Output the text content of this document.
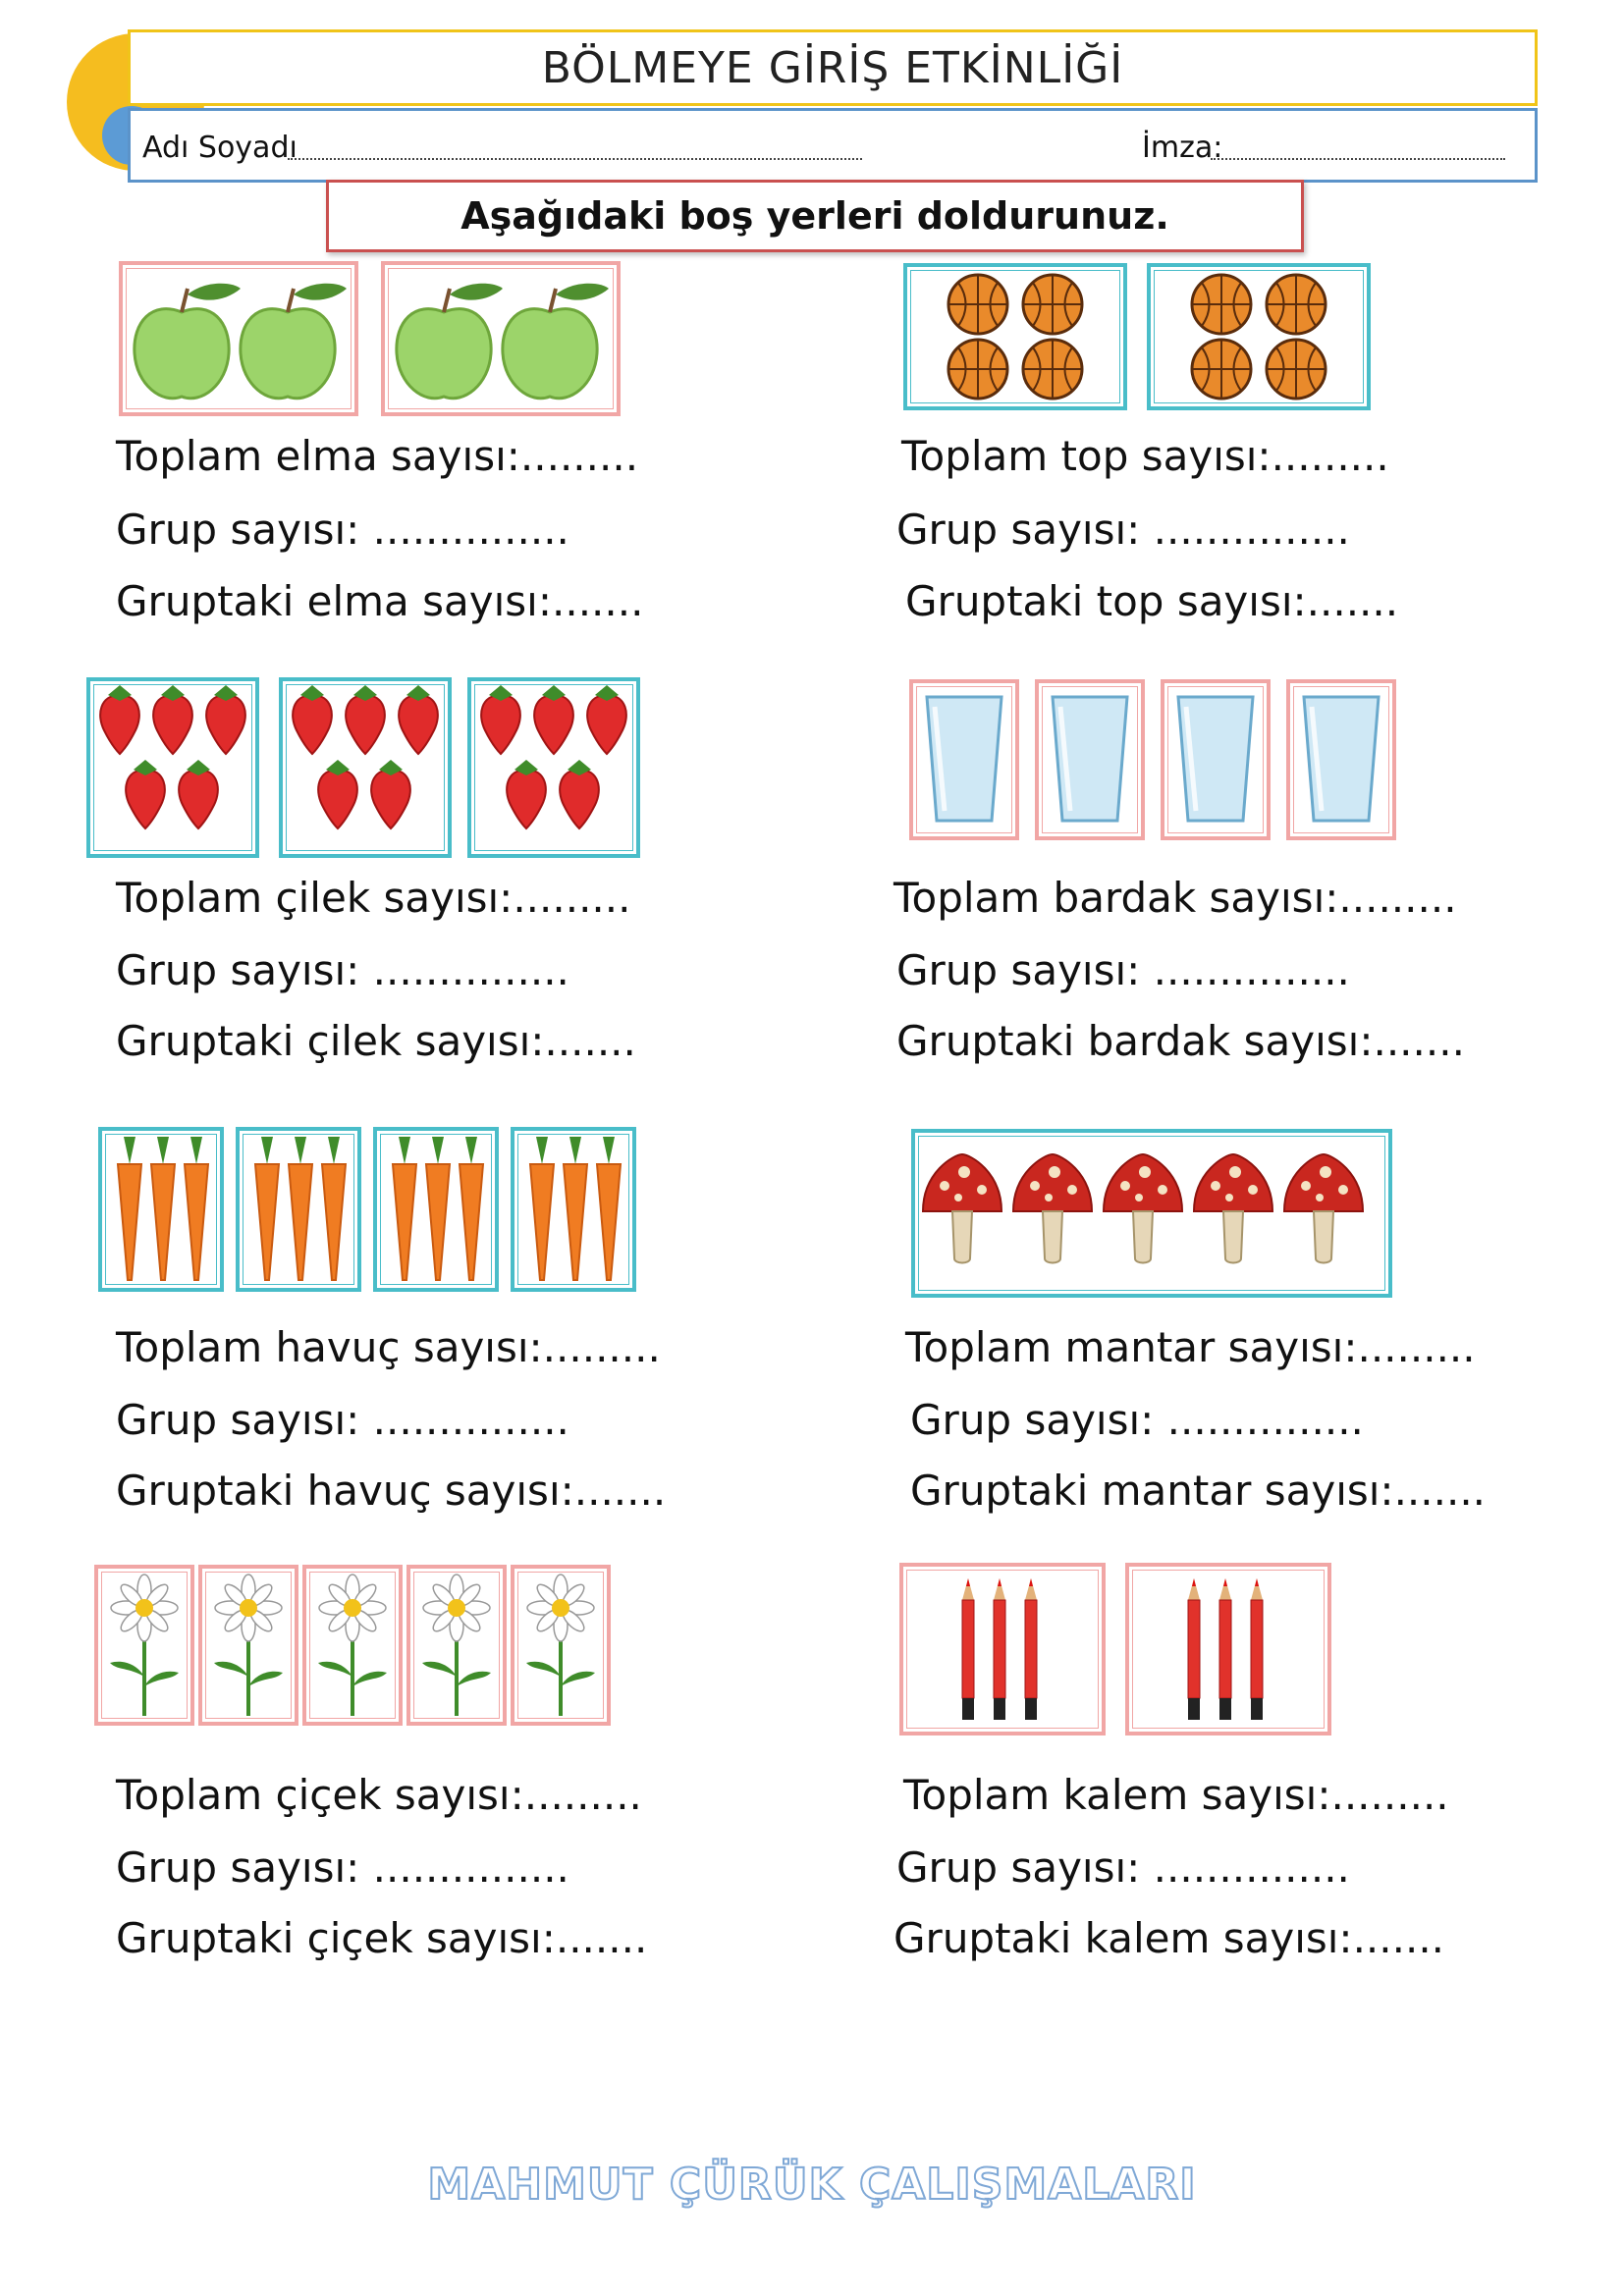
BÖLMEYE GİRİŞ ETKİNLİĞİ
Adı Soyadı	İmza:
Aşağıdaki boş yerleri doldurunuz.
Toplam elma sayısı:.........
Grup sayısı: ...............
Gruptaki elma sayısı:.......
Toplam top sayısı:.........
Grup sayısı: ...............
Gruptaki top sayısı:.......
Toplam çilek sayısı:.........
Grup sayısı: ...............
Gruptaki çilek sayısı:.......
Toplam bardak sayısı:.........
Grup sayısı: ...............
Gruptaki bardak sayısı:.......
Toplam havuç sayısı:.........
Grup sayısı: ...............
Gruptaki havuç sayısı:.......
Toplam mantar sayısı:.........
Grup sayısı: ...............
Gruptaki mantar sayısı:.......
Toplam çiçek sayısı:.........
Grup sayısı: ...............
Gruptaki çiçek sayısı:.......
Toplam kalem sayısı:.........
Grup sayısı: ...............
Gruptaki kalem sayısı:.......
MAHMUT ÇÜRÜK ÇALIŞMALARI
